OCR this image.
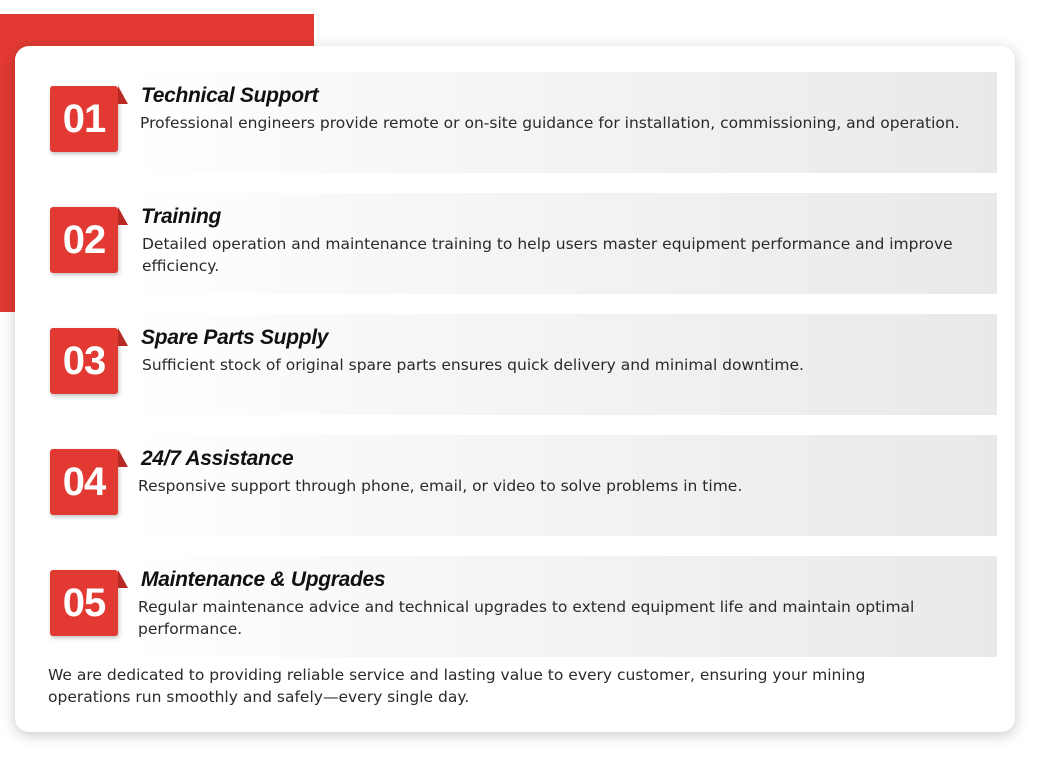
01
Technical Support
Professional engineers provide remote or on-site guidance for installation, commissioning, and operation.
02
Training
Detailed operation and maintenance training to help users master equipment performance and improve efficiency.
03
Spare Parts Supply
Sufficient stock of original spare parts ensures quick delivery and minimal downtime.
04
24/7 Assistance
Responsive support through phone, email, or video to solve problems in time.
05
Maintenance & Upgrades
Regular maintenance advice and technical upgrades to extend equipment life and maintain optimal performance.
We are dedicated to providing reliable service and lasting value to every customer, ensuring your mining operations run smoothly and safely—every single day.
